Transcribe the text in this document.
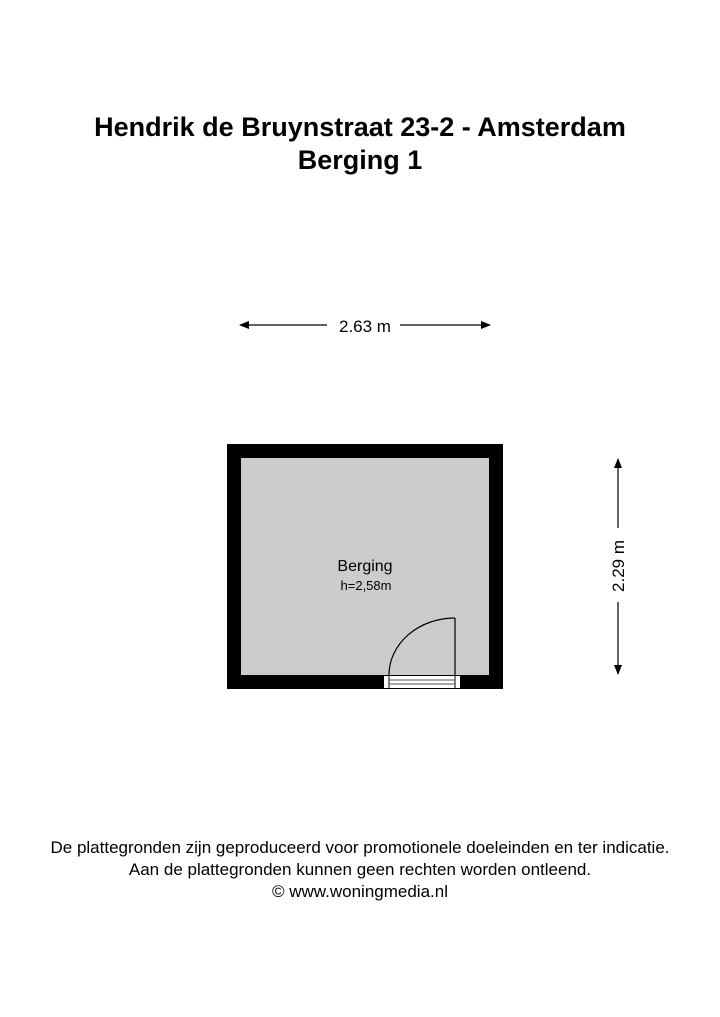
Hendrik de Bruynstraat 23-2 - Amsterdam
Berging 1
2.63 m
2.29 m
Berging
h=2,58m
De plattegronden zijn geproduceerd voor promotionele doeleinden en ter indicatie.
Aan de plattegronden kunnen geen rechten worden ontleend.
© www.woningmedia.nl
